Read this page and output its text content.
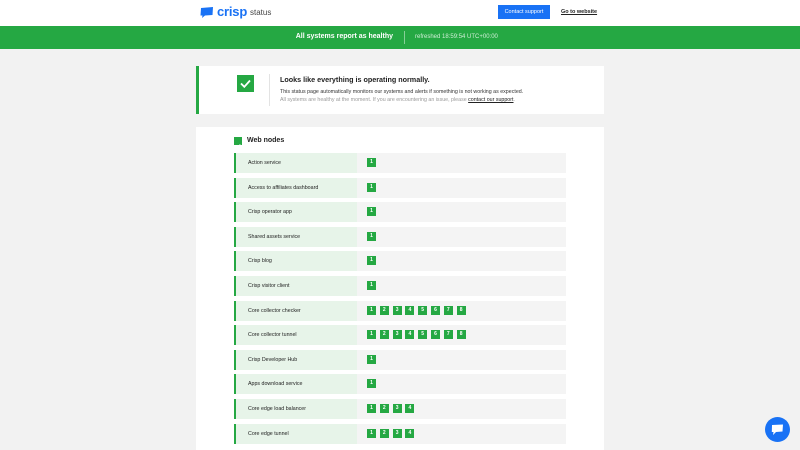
crisp status	Contact support	Go to website
All systems report as healthy	refreshed 18:59:54 UTC+00:00
Looks like everything is operating normally.
This status page automatically monitors our systems and alerts if something is not working as expected.
All systems are healthy at the moment. If you are encountering an issue, please contact our support.
Web nodes
Action service	1
Access to affiliates dashboard	1
Crisp operator app	1
Shared assets service	1
Crisp blog	1
Crisp visitor client	1
Core collector checker	1	2	3	4	5	6	7	8
Core collector tunnel	1	2	3	4	5	6	7	8
Crisp Developer Hub	1
Apps download service	1
Core edge load balancer	1	2	3	4
Core edge tunnel	1	2	3	4
